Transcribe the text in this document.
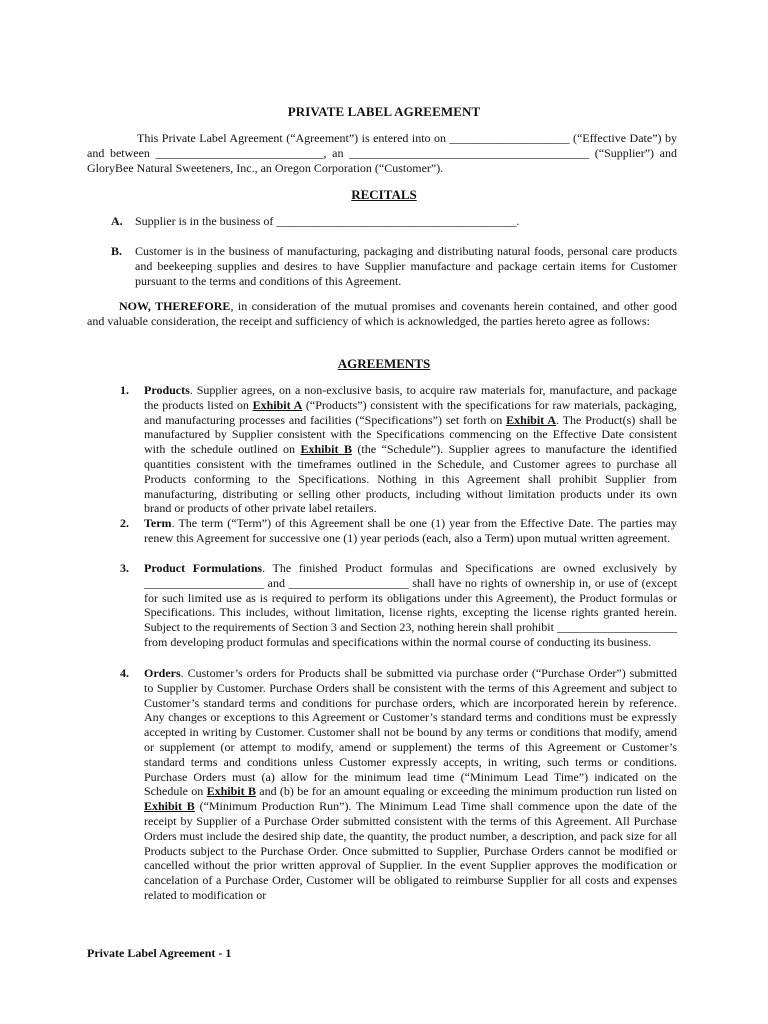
PRIVATE LABEL AGREEMENT
This Private Label Agreement (“Agreement”) is entered into on ____________________ (“Effective Date”) by and between ____________________________, an ________________________________________ (“Supplier”) and GloryBee Natural Sweeteners, Inc., an Oregon Corporation (“Customer”).
RECITALS
A. Supplier is in the business of ________________________________________.
B. Customer is in the business of manufacturing, packaging and distributing natural foods, personal care products and beekeeping supplies and desires to have Supplier manufacture and package certain items for Customer pursuant to the terms and conditions of this Agreement.
NOW, THEREFORE, in consideration of the mutual promises and covenants herein contained, and other good and valuable consideration, the receipt and sufficiency of which is acknowledged, the parties hereto agree as follows:
AGREEMENTS
1. Products. Supplier agrees, on a non-exclusive basis, to acquire raw materials for, manufacture, and package the products listed on Exhibit A (“Products”) consistent with the specifications for raw materials, packaging, and manufacturing processes and facilities (“Specifications”) set forth on Exhibit A. The Product(s) shall be manufactured by Supplier consistent with the Specifications commencing on the Effective Date consistent with the schedule outlined on Exhibit B (the “Schedule”). Supplier agrees to manufacture the identified quantities consistent with the timeframes outlined in the Schedule, and Customer agrees to purchase all Products conforming to the Specifications. Nothing in this Agreement shall prohibit Supplier from manufacturing, distributing or selling other products, including without limitation products under its own brand or products of other private label retailers.
2. Term. The term (“Term”) of this Agreement shall be one (1) year from the Effective Date. The parties may renew this Agreement for successive one (1) year periods (each, also a Term) upon mutual written agreement.
3. Product Formulations. The finished Product formulas and Specifications are owned exclusively by ____________________ and ____________________ shall have no rights of ownership in, or use of (except for such limited use as is required to perform its obligations under this Agreement), the Product formulas or Specifications. This includes, without limitation, license rights, excepting the license rights granted herein. Subject to the requirements of Section 3 and Section 23, nothing herein shall prohibit ____________________ from developing product formulas and specifications within the normal course of conducting its business.
4. Orders. Customer’s orders for Products shall be submitted via purchase order (“Purchase Order”) submitted to Supplier by Customer. Purchase Orders shall be consistent with the terms of this Agreement and subject to Customer’s standard terms and conditions for purchase orders, which are incorporated herein by reference. Any changes or exceptions to this Agreement or Customer’s standard terms and conditions must be expressly accepted in writing by Customer. Customer shall not be bound by any terms or conditions that modify, amend or supplement (or attempt to modify, amend or supplement) the terms of this Agreement or Customer’s standard terms and conditions unless Customer expressly accepts, in writing, such terms or conditions. Purchase Orders must (a) allow for the minimum lead time (“Minimum Lead Time”) indicated on the Schedule on Exhibit B and (b) be for an amount equaling or exceeding the minimum production run listed on Exhibit B (“Minimum Production Run”). The Minimum Lead Time shall commence upon the date of the receipt by Supplier of a Purchase Order submitted consistent with the terms of this Agreement. All Purchase Orders must include the desired ship date, the quantity, the product number, a description, and pack size for all Products subject to the Purchase Order. Once submitted to Supplier, Purchase Orders cannot be modified or cancelled without the prior written approval of Supplier. In the event Supplier approves the modification or cancelation of a Purchase Order, Customer will be obligated to reimburse Supplier for all costs and expenses related to modification or
Private Label Agreement - 1
